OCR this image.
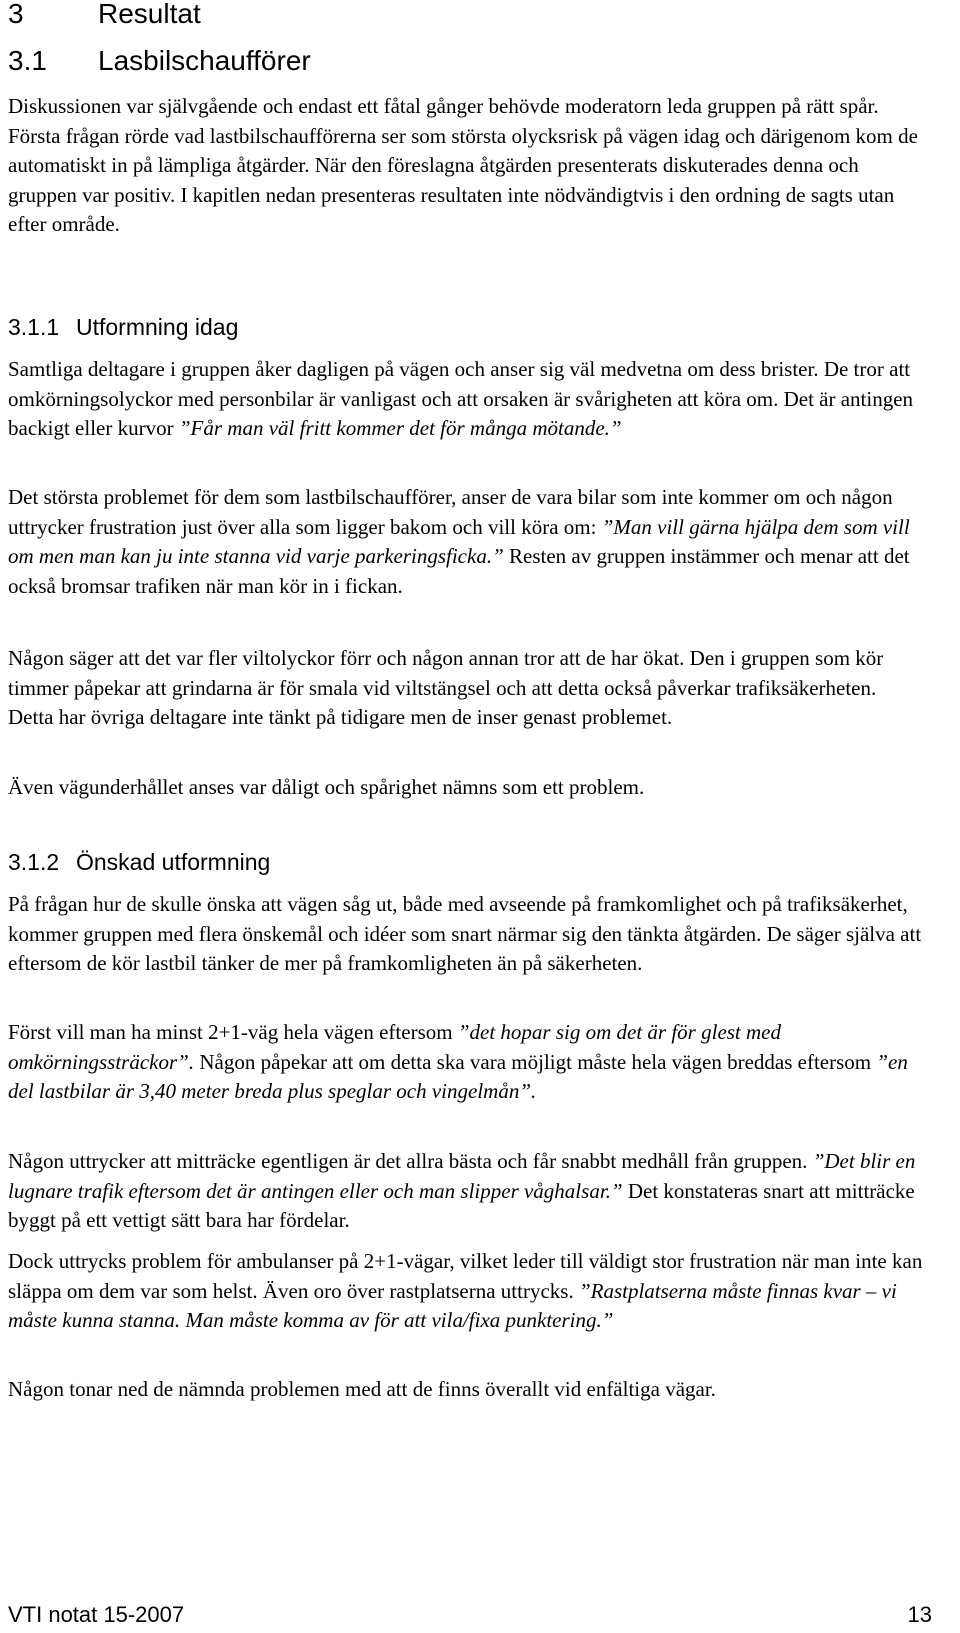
3	Resultat
3.1 Lasbilschaufförer

Diskussionen var självgående och endast ett fåtal gånger behövde moderatorn leda gruppen på rätt spår. Första frågan rörde vad lastbilschaufförerna ser som största olycksrisk på vägen idag och därigenom kom de automatiskt in på lämpliga åtgärder. När den föreslagna åtgärden presenterats diskuterades denna och gruppen var positiv. I kapitlen nedan presenteras resultaten inte nödvändigtvis i den ordning de sagts utan efter område.

3.1.1 Utformning idag

Samtliga deltagare i gruppen åker dagligen på vägen och anser sig väl medvetna om dess brister. De tror att omkörningsolyckor med personbilar är vanligast och att orsaken är svårigheten att köra om. Det är antingen backigt eller kurvor ”Får man väl fritt kommer det för många mötande.”

Det största problemet för dem som lastbilschaufförer, anser de vara bilar som inte kommer om och någon uttrycker frustration just över alla som ligger bakom och vill köra om: ”Man vill gärna hjälpa dem som vill om men man kan ju inte stanna vid varje parkeringsficka.” Resten av gruppen instämmer och menar att det också bromsar trafiken när man kör in i fickan.

Någon säger att det var fler viltolyckor förr och någon annan tror att de har ökat. Den i gruppen som kör timmer påpekar att grindarna är för smala vid viltstängsel och att detta också påverkar trafiksäkerheten. Detta har övriga deltagare inte tänkt på tidigare men de inser genast problemet.

Även vägunderhållet anses var dåligt och spårighet nämns som ett problem.

3.1.2 Önskad utformning

På frågan hur de skulle önska att vägen såg ut, både med avseende på framkomlighet och på trafiksäkerhet, kommer gruppen med flera önskemål och idéer som snart närmar sig den tänkta åtgärden. De säger själva att eftersom de kör lastbil tänker de mer på framkomligheten än på säkerheten.

Först vill man ha minst 2+1-väg hela vägen eftersom ”det hopar sig om det är för glest med omkörningssträckor”. Någon påpekar att om detta ska vara möjligt måste hela vägen breddas eftersom ”en del lastbilar är 3,40 meter breda plus speglar och vingelmån”.

Någon uttrycker att mitträcke egentligen är det allra bästa och får snabbt medhåll från gruppen. ”Det blir en lugnare trafik eftersom det är antingen eller och man slipper våghalsar.” Det konstateras snart att mitträcke byggt på ett vettigt sätt bara har fördelar.

Dock uttrycks problem för ambulanser på 2+1-vägar, vilket leder till väldigt stor frustration när man inte kan släppa om dem var som helst. Även oro över rastplatserna uttrycks. ”Rastplatserna måste finnas kvar – vi måste kunna stanna. Man måste komma av för att vila/fixa punktering.”

Någon tonar ned de nämnda problemen med att de finns överallt vid enfältiga vägar.

VTI notat 15-2007	13
